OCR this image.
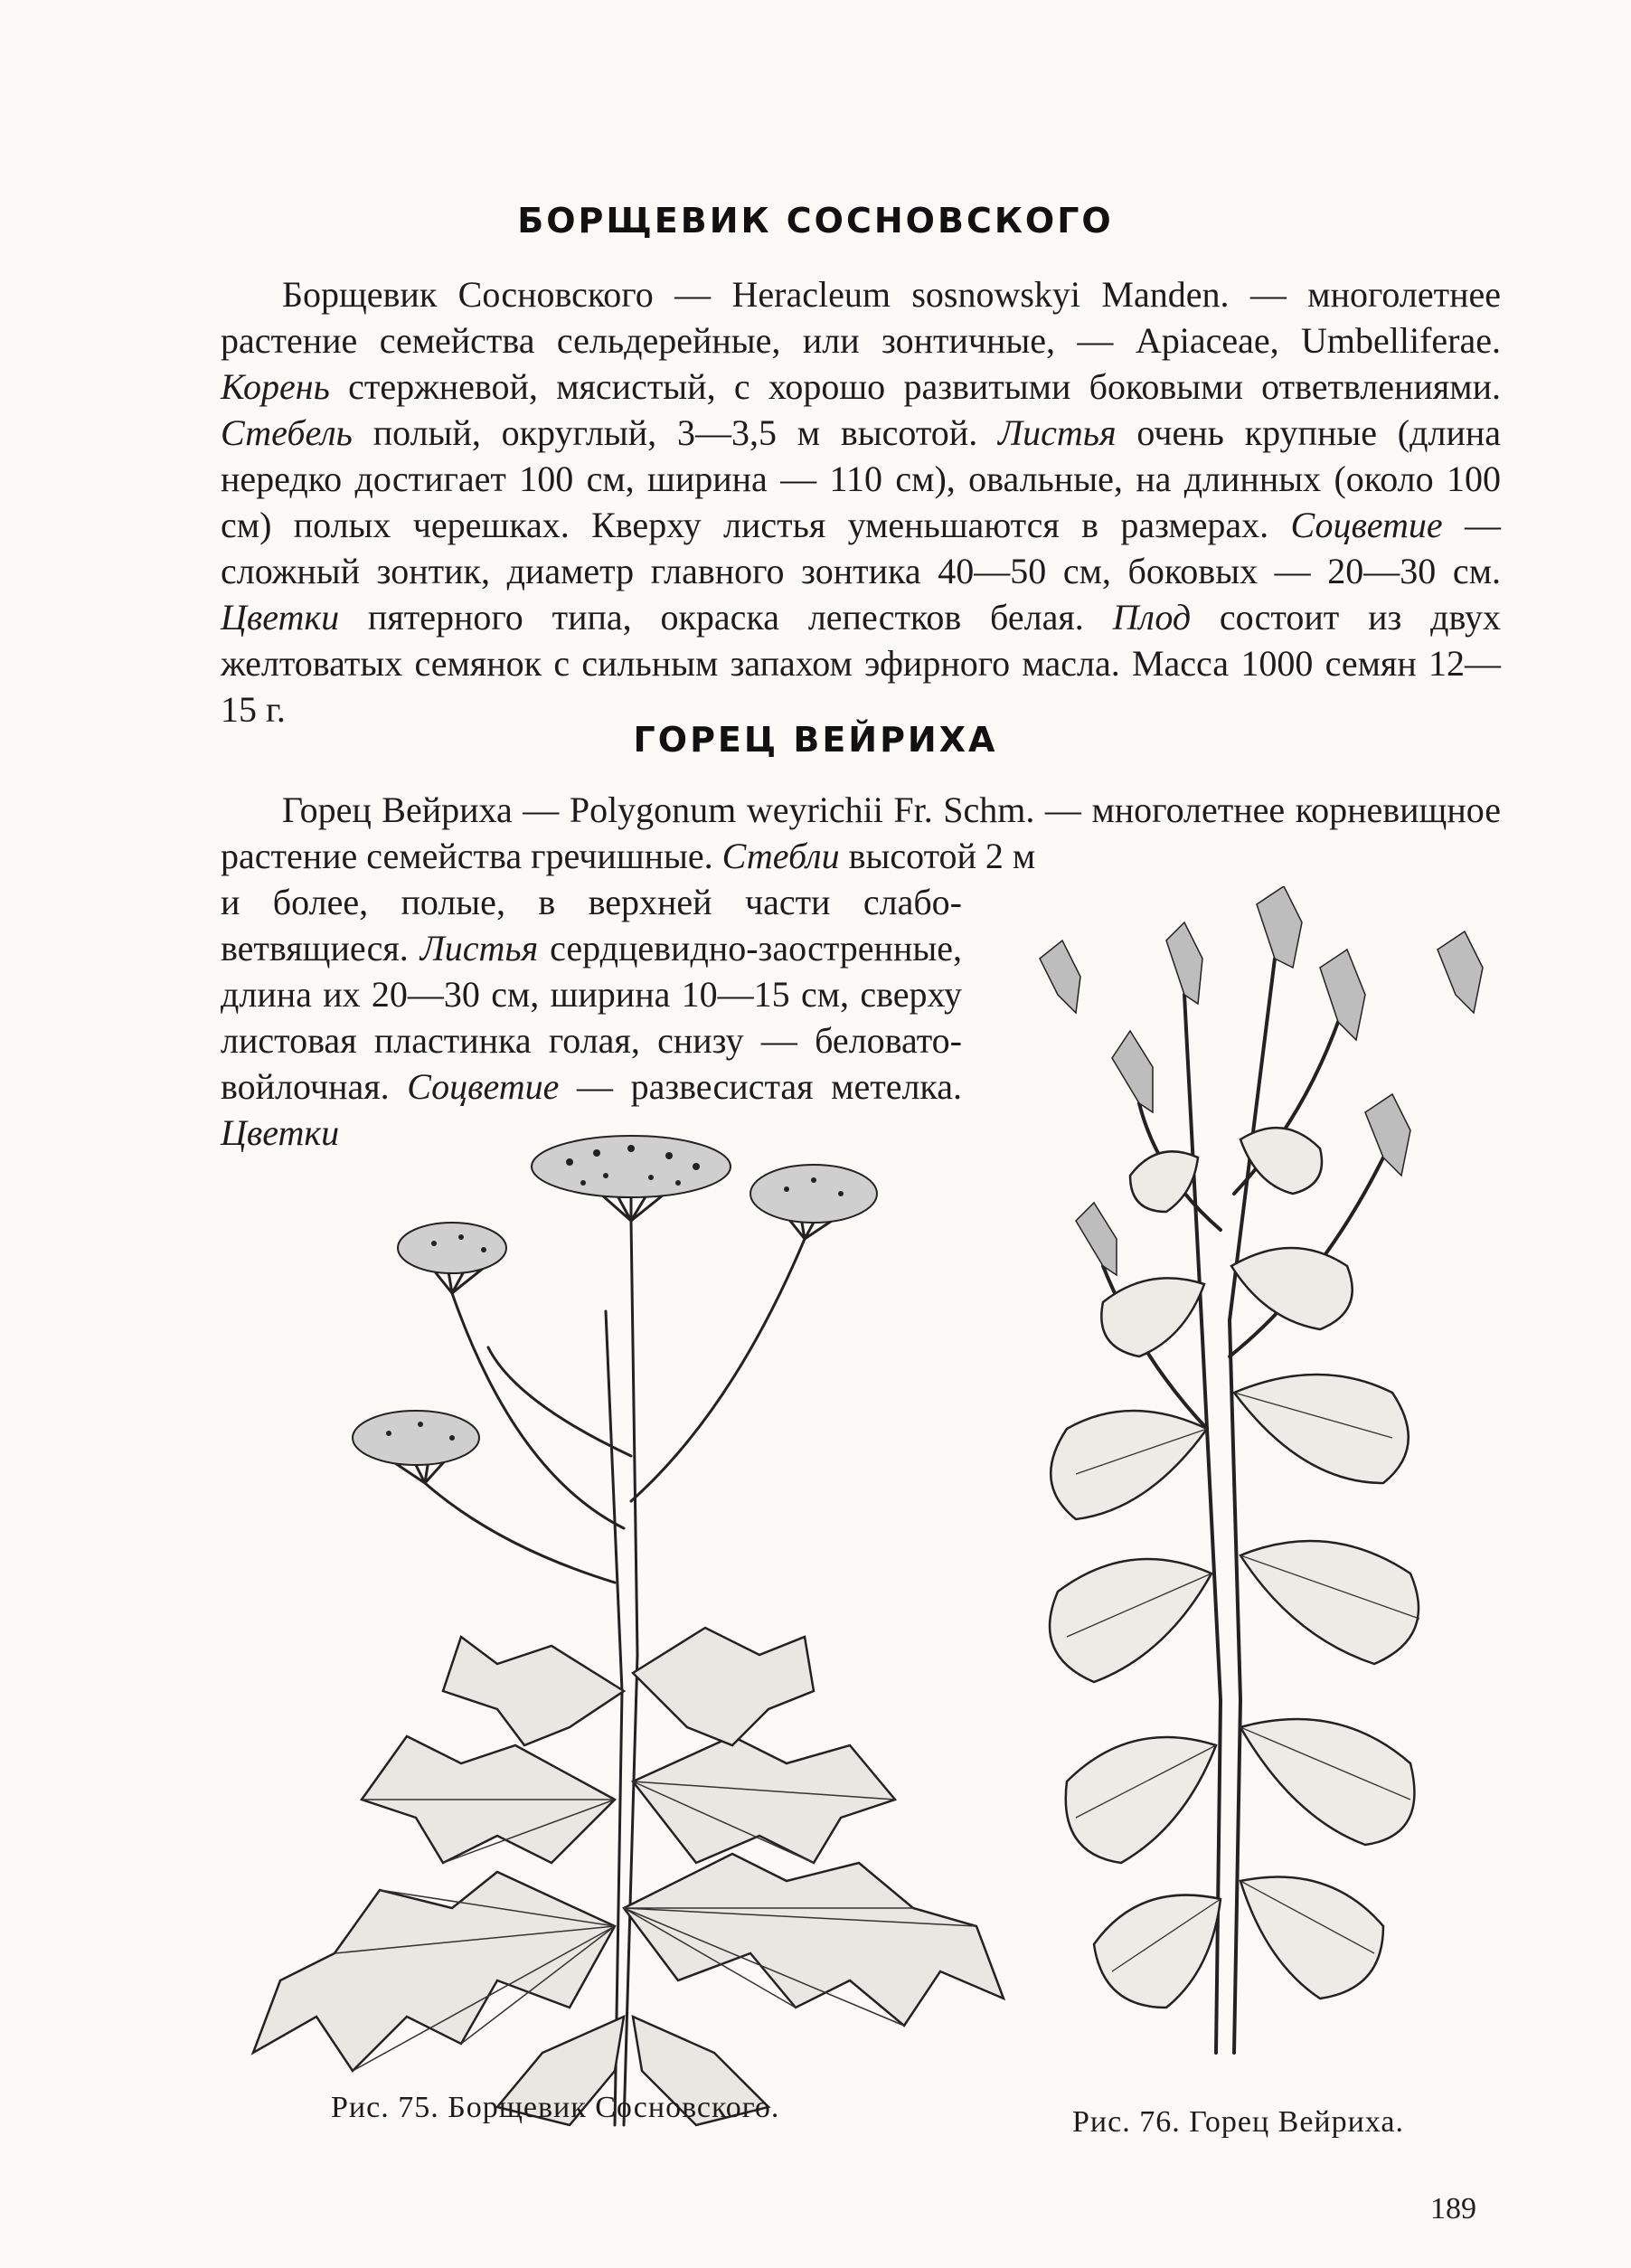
БОРЩЕВИК СОСНОВСКОГО

Борщевик Сосновского — Heracleum sosnowskyi Manden. — многолетнее растение семейства сельдерейные, или зонтичные, — Apiaceae, Umbelliferae. Корень стержневой, мясистый, с хорошо развитыми боковыми ответвлениями. Стебель полый, округлый, 3—3,5 м высотой. Листья очень крупные (длина нередко достигает 100 см, ширина — 110 см), овальные, на длинных (около 100 см) полых черешках. Кверху листья уменьшаются в размерах. Соцветие — сложный зонтик, диаметр главного зонтика 40—50 см, боковых — 20—30 см. Цветки пятерного типа, окраска лепестков белая. Плод состоит из двух желтоватых семянок с сильным запахом эфирного масла. Масса 1000 семян 12—15 г.

ГОРЕЦ ВЕЙРИХА

Горец Вейриха — Polygonum weyrichii Fr. Schm. — многолетнее корневищное растение семейства гречишные. Стебли высотой 2 м

и более, полые, в верхней части слабоветвящиеся. Листья сердцевидно-заостренные, длина их 20—30 см, ширина 10—15 см, сверху листовая пластинка голая, снизу — беловато-войлочная. Соцветие — развесистая метелка. Цветки

Рис. 75. Борщевик Сосновского.	Рис. 76. Горец Вейриха.
189
